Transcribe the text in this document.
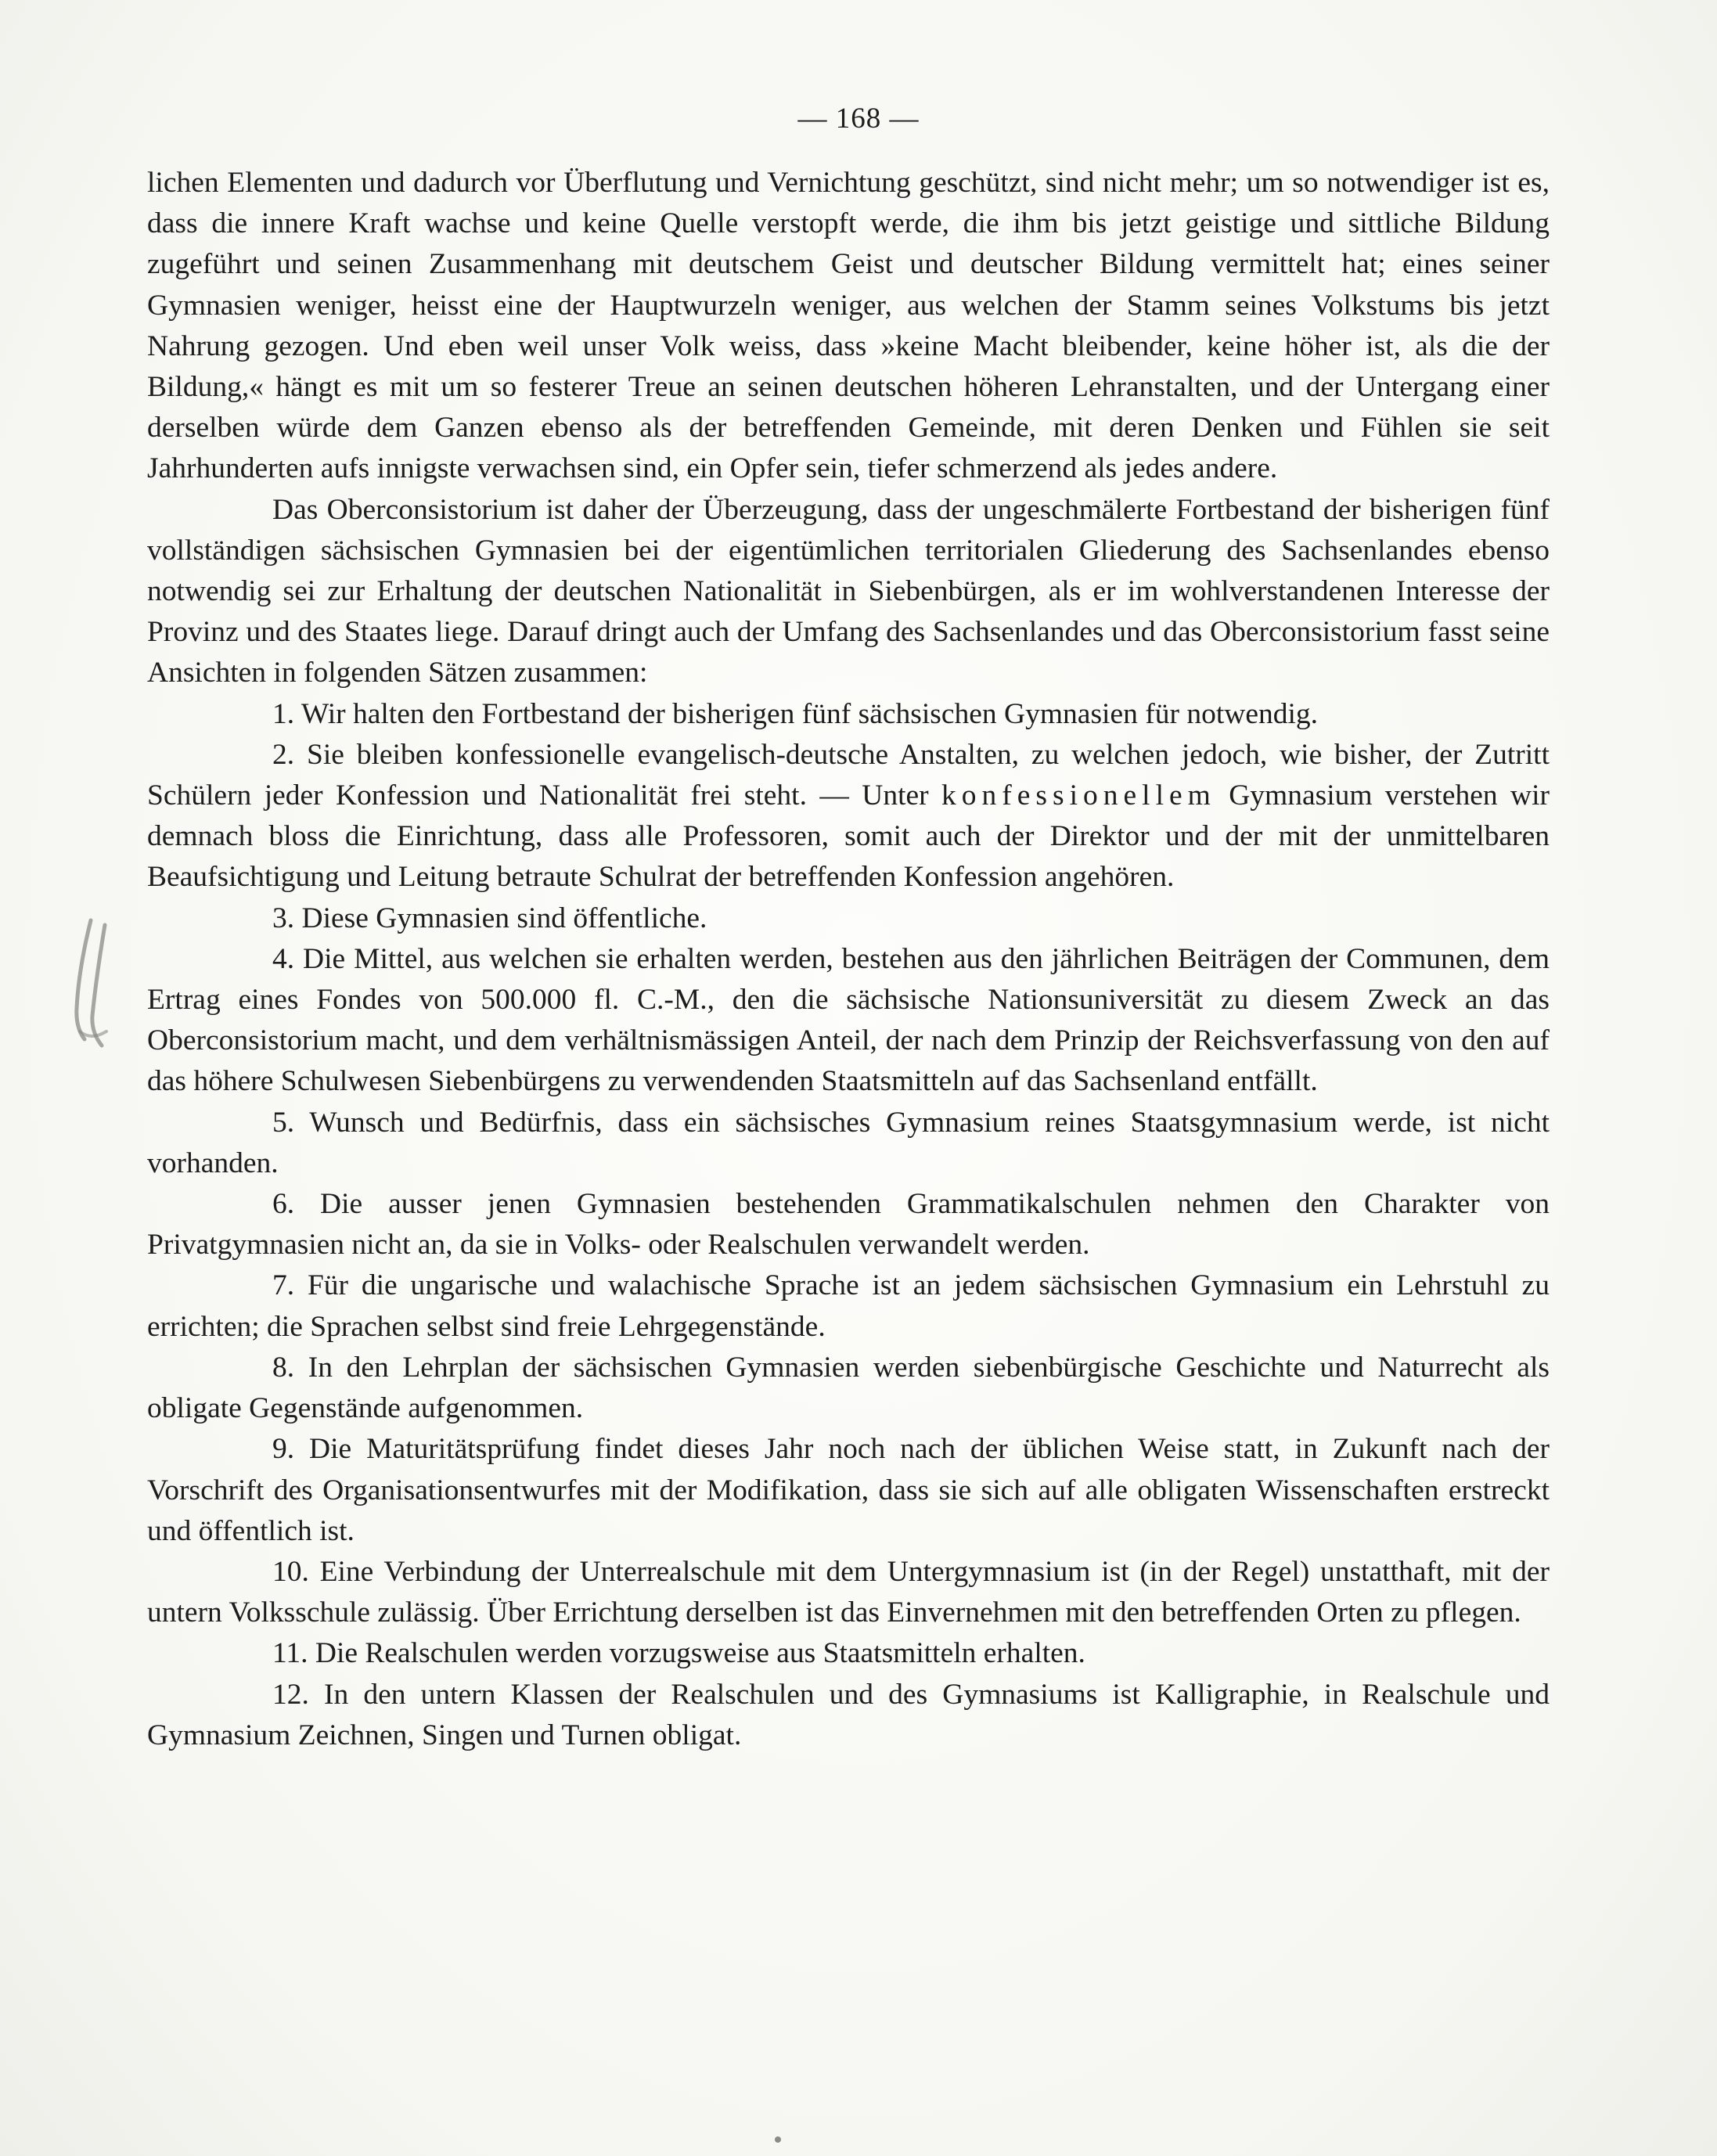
— 168 —

lichen Elementen und dadurch vor Überflutung und Vernichtung geschützt, sind nicht mehr; um so notwendiger ist es, dass die innere Kraft wachse und keine Quelle verstopft werde, die ihm bis jetzt geistige und sittliche Bildung zugeführt und seinen Zusammenhang mit deutschem Geist und deutscher Bildung vermittelt hat; eines seiner Gymnasien weniger, heisst eine der Hauptwurzeln weniger, aus welchen der Stamm seines Volkstums bis jetzt Nahrung gezogen. Und eben weil unser Volk weiss, dass »keine Macht bleibender, keine höher ist, als die der Bildung,« hängt es mit um so festerer Treue an seinen deutschen höheren Lehranstalten, und der Untergang einer derselben würde dem Ganzen ebenso als der betreffenden Gemeinde, mit deren Denken und Fühlen sie seit Jahrhunderten aufs innigste verwachsen sind, ein Opfer sein, tiefer schmerzend als jedes andere.

Das Oberconsistorium ist daher der Überzeugung, dass der ungeschmälerte Fortbestand der bisherigen fünf vollständigen sächsischen Gymnasien bei der eigentümlichen territorialen Gliederung des Sachsenlandes ebenso notwendig sei zur Erhaltung der deutschen Nationalität in Siebenbürgen, als er im wohlverstandenen Interesse der Provinz und des Staates liege. Darauf dringt auch der Umfang des Sachsenlandes und das Oberconsistorium fasst seine Ansichten in folgenden Sätzen zusammen:

1. Wir halten den Fortbestand der bisherigen fünf sächsischen Gymnasien für notwendig.

2. Sie bleiben konfessionelle evangelisch-deutsche Anstalten, zu welchen jedoch, wie bisher, der Zutritt Schülern jeder Konfession und Nationalität frei steht. — Unter konfessionellem Gymnasium verstehen wir demnach bloss die Einrichtung, dass alle Professoren, somit auch der Direktor und der mit der unmittelbaren Beaufsichtigung und Leitung betraute Schulrat der betreffenden Konfession angehören.

3. Diese Gymnasien sind öffentliche.

4. Die Mittel, aus welchen sie erhalten werden, bestehen aus den jährlichen Beiträgen der Communen, dem Ertrag eines Fondes von 500.000 fl. C.-M., den die sächsische Nationsuniversität zu diesem Zweck an das Oberconsistorium macht, und dem verhältnismässigen Anteil, der nach dem Prinzip der Reichsverfassung von den auf das höhere Schulwesen Siebenbürgens zu verwendenden Staatsmitteln auf das Sachsenland entfällt.

5. Wunsch und Bedürfnis, dass ein sächsisches Gymnasium reines Staatsgymnasium werde, ist nicht vorhanden.

6. Die ausser jenen Gymnasien bestehenden Grammatikalschulen nehmen den Charakter von Privatgymnasien nicht an, da sie in Volks- oder Realschulen verwandelt werden.

7. Für die ungarische und walachische Sprache ist an jedem sächsischen Gymnasium ein Lehrstuhl zu errichten; die Sprachen selbst sind freie Lehrgegenstände.

8. In den Lehrplan der sächsischen Gymnasien werden siebenbürgische Geschichte und Naturrecht als obligate Gegenstände aufgenommen.

9. Die Maturitätsprüfung findet dieses Jahr noch nach der üblichen Weise statt, in Zukunft nach der Vorschrift des Organisationsentwurfes mit der Modifikation, dass sie sich auf alle obligaten Wissenschaften erstreckt und öffentlich ist.

10. Eine Verbindung der Unterrealschule mit dem Untergymnasium ist (in der Regel) unstatthaft, mit der untern Volksschule zulässig. Über Errichtung derselben ist das Einvernehmen mit den betreffenden Orten zu pflegen.

11. Die Realschulen werden vorzugsweise aus Staatsmitteln erhalten.

12. In den untern Klassen der Realschulen und des Gymnasiums ist Kalligraphie, in Realschule und Gymnasium Zeichnen, Singen und Turnen obligat.
